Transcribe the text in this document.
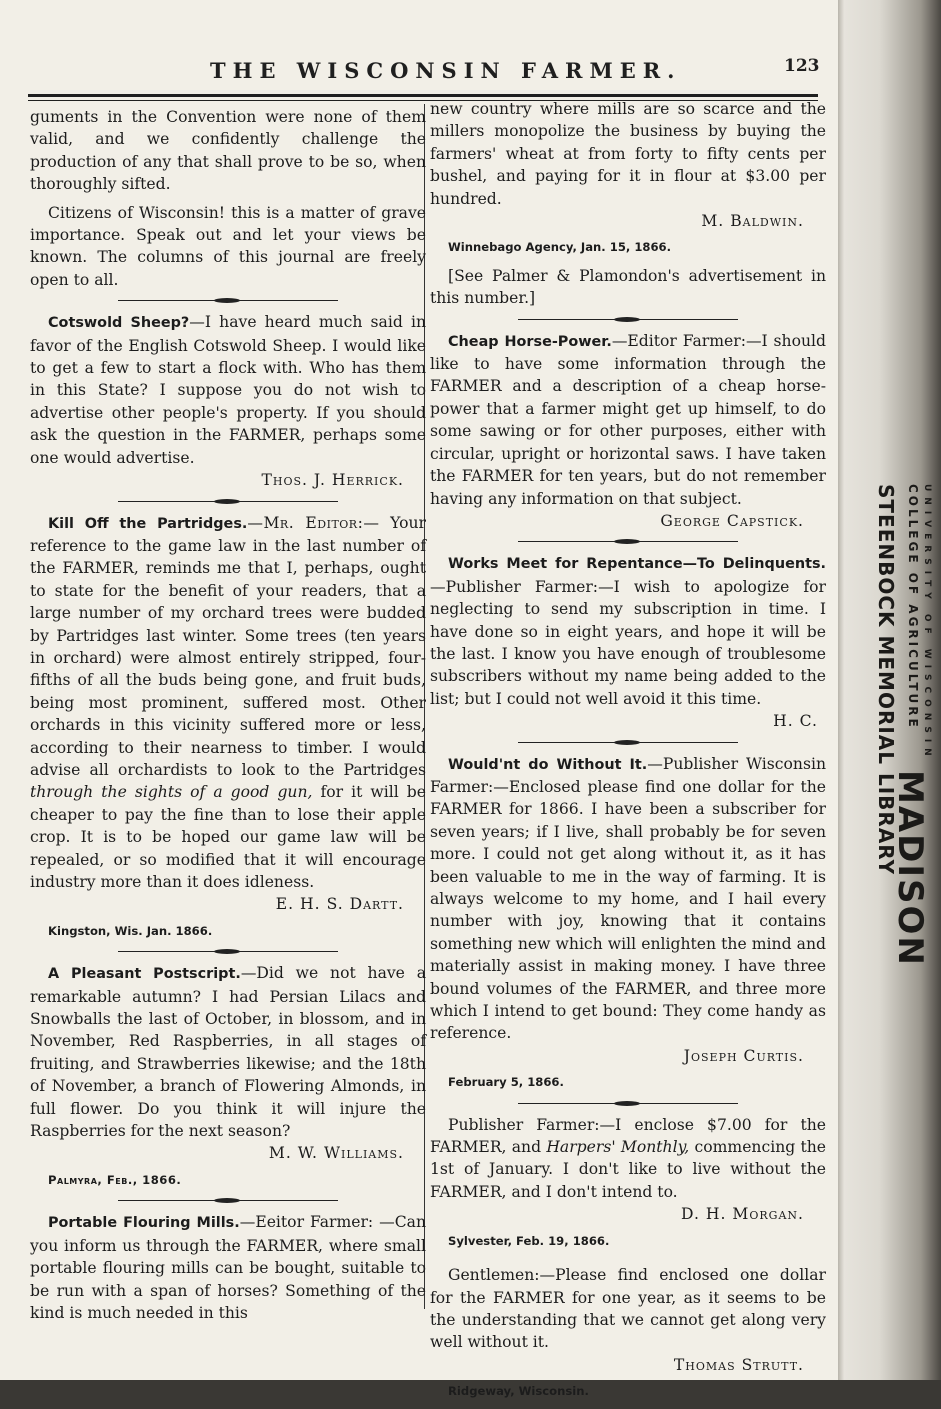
THE WISCONSIN FARMER.	123

guments in the Convention were none of them valid, and we confidently challenge the production of any that shall prove to be so, when thoroughly sifted.

Citizens of Wisconsin! this is a matter of grave importance. Speak out and let your views be known. The columns of this journal are freely open to all.

Cotswold Sheep?—I have heard much said in favor of the English Cotswold Sheep. I would like to get a few to start a flock with. Who has them in this State? I suppose you do not wish to advertise other people's property. If you should ask the question in the FARMER, perhaps some one would advertise.

Thos. J. Herrick.

Kill Off the Partridges.—Mr. Editor:— Your reference to the game law in the last number of the FARMER, reminds me that I, perhaps, ought to state for the benefit of your readers, that a large number of my orchard trees were budded by Partridges last winter. Some trees (ten years in orchard) were almost entirely stripped, four-fifths of all the buds being gone, and fruit buds, being most prominent, suffered most. Other orchards in this vicinity suffered more or less, according to their nearness to timber. I would advise all orchardists to look to the Partridges through the sights of a good gun, for it will be cheaper to pay the fine than to lose their apple crop. It is to be hoped our game law will be repealed, or so modified that it will encourage industry more than it does idleness.

E. H. S. Dartt.

Kingston, Wis. Jan. 1866.

A Pleasant Postscript.—Did we not have a remarkable autumn? I had Persian Lilacs and Snowballs the last of October, in blossom, and in November, Red Raspberries, in all stages of fruiting, and Strawberries likewise; and the 18th of November, a branch of Flowering Almonds, in full flower. Do you think it will injure the Raspberries for the next season?

M. W. Williams.

Palmyra, Feb., 1866.

Portable Flouring Mills.—Eeitor Farmer: —Can you inform us through the FARMER, where small portable flouring mills can be bought, suitable to be run with a span of horses? Something of the kind is much needed in this

new country where mills are so scarce and the millers monopolize the business by buying the farmers' wheat at from forty to fifty cents per bushel, and paying for it in flour at $3.00 per hundred.

M. Baldwin.

Winnebago Agency, Jan. 15, 1866.

[See Palmer & Plamondon's advertisement in this number.]

Cheap Horse-Power.—Editor Farmer:—I should like to have some information through the FARMER and a description of a cheap horse-power that a farmer might get up himself, to do some sawing or for other purposes, either with circular, upright or horizontal saws. I have taken the FARMER for ten years, but do not remember having any information on that subject.

George Capstick.

Works Meet for Repentance—To Delinquents.—Publisher Farmer:—I wish to apologize for neglecting to send my subscription in time. I have done so in eight years, and hope it will be the last. I know you have enough of troublesome subscribers without my name being added to the list; but I could not well avoid it this time.

H. C.

Would'nt do Without It.—Publisher Wisconsin Farmer:—Enclosed please find one dollar for the FARMER for 1866. I have been a subscriber for seven years; if I live, shall probably be for seven more. I could not get along without it, as it has been valuable to me in the way of farming. It is always welcome to my home, and I hail every number with joy, knowing that it contains something new which will enlighten the mind and materially assist in making money. I have three bound volumes of the FARMER, and three more which I intend to get bound: They come handy as reference.

Joseph Curtis.

February 5, 1866.

Publisher Farmer:—I enclose $7.00 for the FARMER, and Harpers' Monthly, commencing the 1st of January. I don't like to live without the FARMER, and I don't intend to.

D. H. Morgan.

Sylvester, Feb. 19, 1866.

Gentlemen:—Please find enclosed one dollar for the FARMER for one year, as it seems to be the understanding that we cannot get along very well without it.

Thomas Strutt.

Ridgeway, Wisconsin.

STEENBOCK MEMORIAL LIBRARY COLLEGE OF AGRICULTURE UNIVERSITY OF WISCONSIN
MADISON
